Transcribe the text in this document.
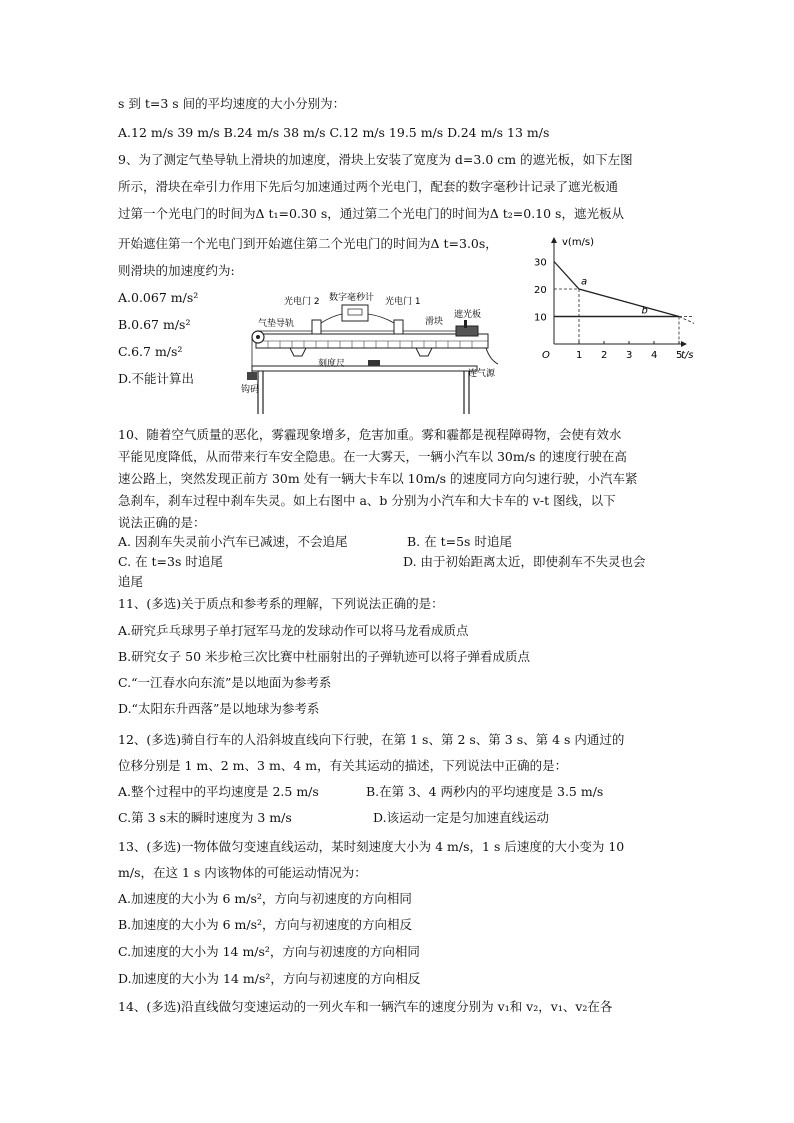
s 到 t=3 s 间的平均速度的大小分别为：
A.12 m/s 39 m/s B.24 m/s 38 m/s C.12 m/s 19.5 m/s D.24 m/s 13 m/s
9、为了测定气垫导轨上滑块的加速度，滑块上安装了宽度为 d=3.0 cm 的遮光板，如下左图
所示，滑块在牵引力作用下先后匀加速通过两个光电门，配套的数字毫秒计记录了遮光板通
过第一个光电门的时间为Δ t₁=0.30 s，通过第二个光电门的时间为Δ t₂=0.10 s，遮光板从
开始遮住第一个光电门到开始遮住第二个光电门的时间为Δ t=3.0s，
则滑块的加速度约为:
A.0.067 m/s²
B.0.67 m/s²
C.6.7 m/s²
D.不能计算出
10、随着空气质量的恶化，雾霾现象增多，危害加重。雾和霾都是视程障碍物，会使有效水
平能见度降低，从而带来行车安全隐患。在一大雾天，一辆小汽车以 30m/s 的速度行驶在高
速公路上，突然发现正前方 30m 处有一辆大卡车以 10m/s 的速度同方向匀速行驶，小汽车紧
急刹车，刹车过程中刹车失灵。如上右图中 a、b 分别为小汽车和大卡车的 v-t 图线，以下
说法正确的是：
A. 因刹车失灵前小汽车已减速，不会追尾	B. 在 t=5s 时追尾
C. 在 t=3s 时追尾	D. 由于初始距离太近，即使刹车不失灵也会
追尾
11、(多选)关于质点和参考系的理解，下列说法正确的是：
A.研究乒乓球男子单打冠军马龙的发球动作可以将马龙看成质点
B.研究女子 50 米步枪三次比赛中杜丽射出的子弹轨迹可以将子弹看成质点
C.“一江春水向东流”是以地面为参考系
D.“太阳东升西落”是以地球为参考系
12、(多选)骑自行车的人沿斜坡直线向下行驶，在第 1 s、第 2 s、第 3 s、第 4 s 内通过的
位移分别是 1 m、2 m、3 m、4 m，有关其运动的描述，下列说法中正确的是：
A.整个过程中的平均速度是 2.5 m/s	B.在第 3、4 两秒内的平均速度是 3.5 m/s
C.第 3 s末的瞬时速度为 3 m/s	D.该运动一定是匀加速直线运动
13、(多选)一物体做匀变速直线运动，某时刻速度大小为 4 m/s，1 s 后速度的大小变为 10
m/s，在这 1 s 内该物体的可能运动情况为：
A.加速度的大小为 6 m/s²，方向与初速度的方向相同
B.加速度的大小为 6 m/s²，方向与初速度的方向相反
C.加速度的大小为 14 m/s²，方向与初速度的方向相同
D.加速度的大小为 14 m/s²，方向与初速度的方向相反
14、(多选)沿直线做匀变速运动的一列火车和一辆汽车的速度分别为 v₁和 v₂，v₁、v₂在各
光电门 2 数字毫秒计 光电门 1
气垫导轨	滑块
遮光板
刻度尺
连气源
钩码
v(m/s)
t/s
O	1 2 3 4 5
10
20
30
a
b
